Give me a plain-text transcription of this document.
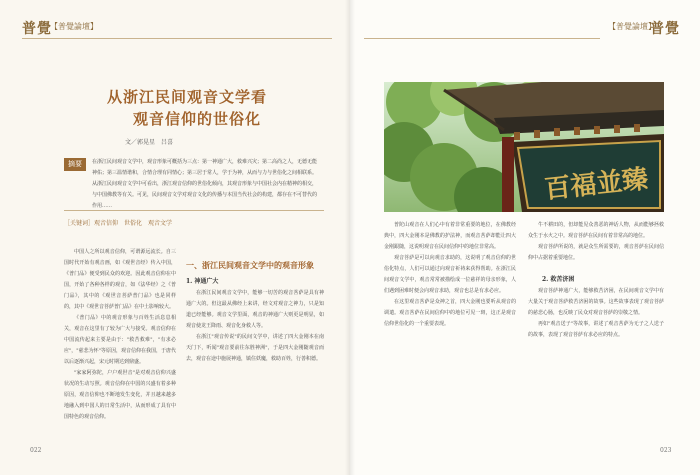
普覺
【普覺論壇】
从浙江民间观音文学看
观音信仰的世俗化
文／郭晃星　吕喜
摘要	在浙江民间观音文学中，观音形象可概括为三点：第一神通广大，救难兴灾；第二高尚之人，无德无能神佑；第三温情谐和，合情合理有同情心；第三居于常人，学于为神，从而与力与世俗化之间相联系。从浙江民间观音文学中可看出，浙江观音信仰的世俗化倾向，其观音形象与中国社会内在精神的相交，与中国佛教等有关。可见，民间观音文学对观音文化的传播与本国当代社会的构建，都存在不可替代的作用……
［关键词］观音信仰　世俗化　观音文学

中国人之所以观音信仰，可谓源远流长。自三国时代开始有观音画，如《观世音经》传入中国，《普门品》便受到民众的欢迎。因此观音信仰在中国，开始了各种各样的观音，如《法华经》之《普门品》，其中的《观世音菩萨普门品》也是同样的，其中《观世音菩萨普门品》在中土影响较大。

《普门品》中的观音形象与百姓生活息息相关，观音在这里有了较为广大与接受。观音信仰在中国流传起来主要是由于："救苦救难"，"有求必应"，"慈悲为怀"等原因，观音信仰在我国，于唐代以后逐渐兴起，宋元时期达到鼎盛。

"家家阿弥陀，户户观世音"是对观音信仰兴盛状况的生动写照。观音信仰在中国的兴盛有着多种原因，观音信仰也不断地发生变化，并且越来越多地融入到中国人的日常生活中，从而形成了具有中国特色的观音信仰。

一、浙江民间观音文学中的观音形象
1. 神通广大

在浙江民间观音文学中，能够一切苦的观音菩萨是具有神通广大的。但这最从佛经上来讲，经文对观音之神力，只是知道已经能够。观音文学里面，观音的神通广大则更是明显，如观音使龙王降雨、观音化身救人等。

在浙江"观音传说"的民间文学中，讲述了四大金刚本在南天门下，听闻"观音要前往东胜神洲"，于是四大金刚随观音而去，观音在途中施展神通，镇住妖魔，救助百姓，行善积德。

022
【普覺論壇】
普覺

普陀山观音在人们心中有着非常重要的地位，在佛教经典中，四大金刚本是佛教的护法神，而观音菩萨却能让四大金刚跟随，这说明观音在民间信仰中的地位非常高。

观音菩萨是可以向观音求助的，这说明了观音信仰的世俗化特点，人们可以通过向观音祈祷来获得帮助。在浙江民间观音文学中，观音常常被描绘成一位慈祥的母亲形象，人们遇到困难时便会向观音求助，观音也总是有求必应。

在这里观音菩萨是众神之首，四大金刚也要听从观音的调遣。观音菩萨在民间信仰中的地位可见一斑，这正是观音信仰世俗化的一个重要表现。

牛不耕田的，但却能见众善恶的神话人物，从而能够拯救众生于水火之中。观音菩萨在民间有着非常高的地位。

观音菩萨所说的，就是众生所需要的，观音菩萨在民间信仰中占据着重要地位。

2. 救苦济困

观音菩萨神通广大，能够救苦济困，在民间观音文学中有大量关于观音菩萨救苦济困的故事。这些故事表现了观音菩萨的慈悲心肠，也反映了民众对观音菩萨的崇敬之情。

再如"观音送子"等故事，讲述了观音菩萨为无子之人送子的故事，表现了观音菩萨有求必应的特点。

023
百福並臻
